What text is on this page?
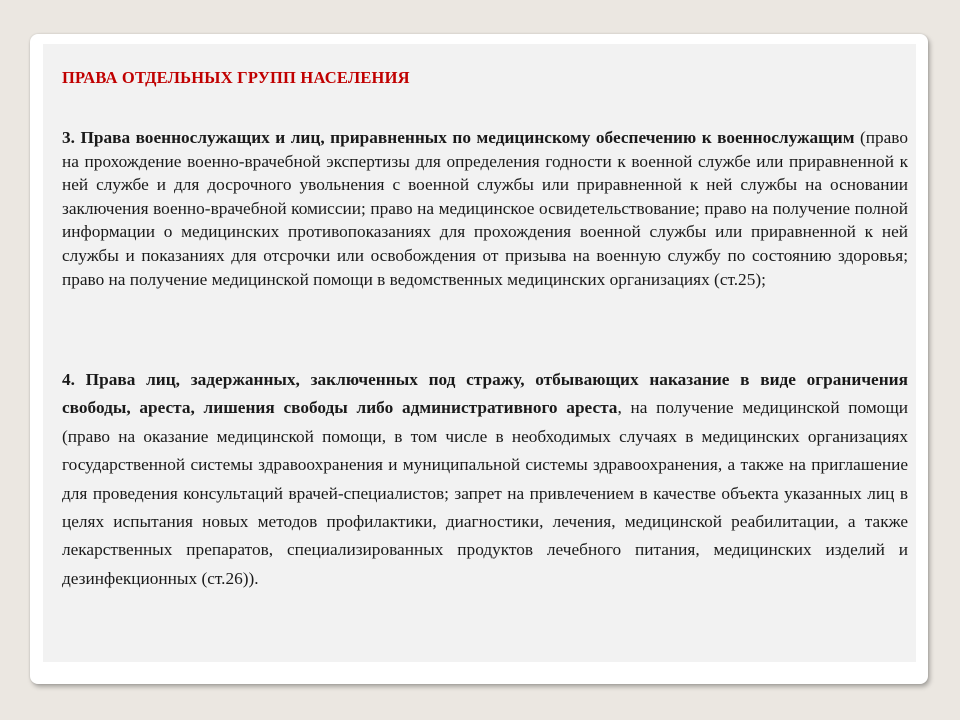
ПРАВА ОТДЕЛЬНЫХ ГРУПП НАСЕЛЕНИЯ

3. Права военнослужащих и лиц, приравненных по медицинскому обеспечению к военнослужащим (право на прохождение военно-врачебной экспертизы для определения годности к военной службе или приравненной к ней службе и для досрочного увольнения с военной службы или приравненной к ней службы на основании заключения военно-врачебной комиссии; право на медицинское освидетельствование; право на получение полной информации о медицинских противопоказаниях для прохождения военной службы или приравненной к ней службы и показаниях для отсрочки или освобождения от призыва на военную службу по состоянию здоровья; право на получение медицинской помощи в ведомственных медицинских организациях (ст.25);

4. Права лиц, задержанных, заключенных под стражу, отбывающих наказание в виде ограничения свободы, ареста, лишения свободы либо административного ареста, на получение медицинской помощи (право на оказание медицинской помощи, в том числе в необходимых случаях в медицинских организациях государственной системы здравоохранения и муниципальной системы здравоохранения, а также на приглашение для проведения консультаций врачей-специалистов; запрет на привлечением в качестве объекта указанных лиц в целях испытания новых методов профилактики, диагностики, лечения, медицинской реабилитации, а также лекарственных препаратов, специализированных продуктов лечебного питания, медицинских изделий и дезинфекционных (ст.26)).
